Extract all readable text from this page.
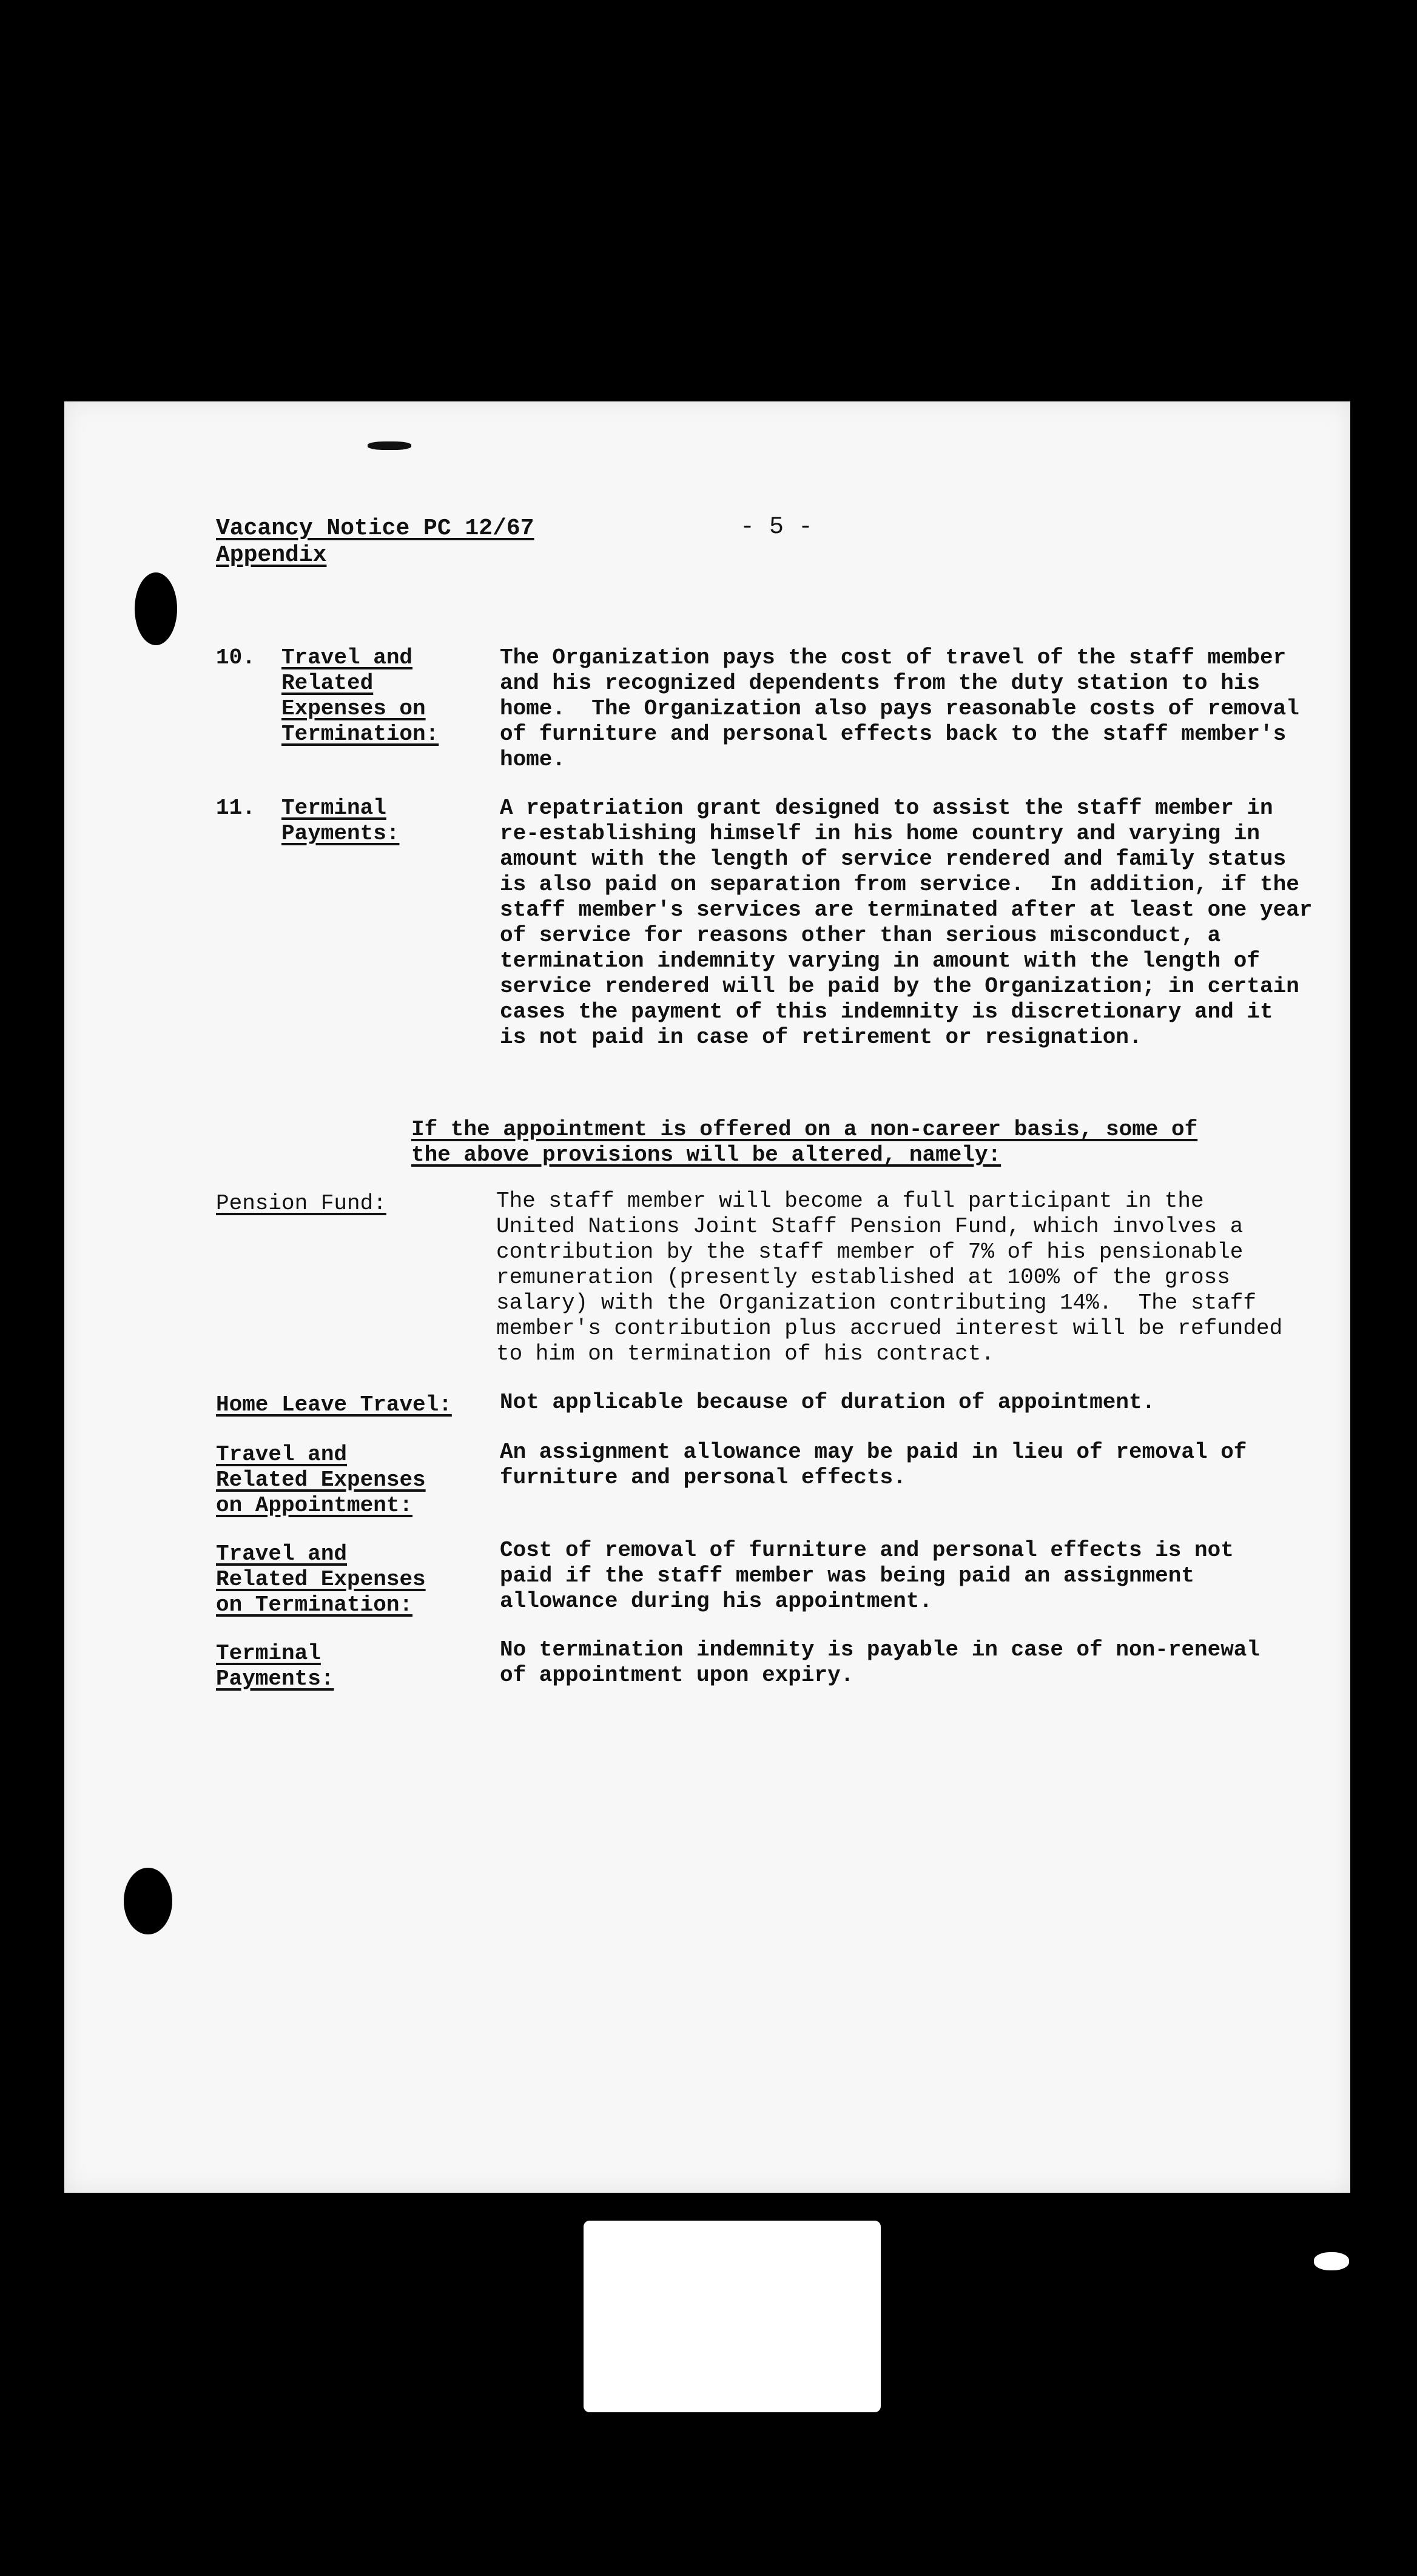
Vacancy Notice PC 12/67
Appendix
- 5 -
10. Travel and
Related
Expenses on
Termination:
The Organization pays the cost of travel of the staff member
and his recognized dependents from the duty station to his
home.  The Organization also pays reasonable costs of removal
of furniture and personal effects back to the staff member's
home.
11. Terminal
Payments:
A repatriation grant designed to assist the staff member in
re-establishing himself in his home country and varying in
amount with the length of service rendered and family status
is also paid on separation from service.  In addition, if the
staff member's services are terminated after at least one year
of service for reasons other than serious misconduct, a
termination indemnity varying in amount with the length of
service rendered will be paid by the Organization; in certain
cases the payment of this indemnity is discretionary and it
is not paid in case of retirement or resignation.
If the appointment is offered on a non-career basis, some of
the above provisions will be altered, namely:
Pension Fund:	The staff member will become a full participant in the
United Nations Joint Staff Pension Fund, which involves a
contribution by the staff member of 7% of his pensionable
remuneration (presently established at 100% of the gross
salary) with the Organization contributing 14%.  The staff
member's contribution plus accrued interest will be refunded
to him on termination of his contract.
Home Leave Travel: Not applicable because of duration of appointment.
Travel and
Related Expenses
on Appointment:
An assignment allowance may be paid in lieu of removal of
furniture and personal effects.
Travel and
Related Expenses
on Termination:
Cost of removal of furniture and personal effects is not
paid if the staff member was being paid an assignment
allowance during his appointment.
Terminal
Payments:
No termination indemnity is payable in case of non-renewal
of appointment upon expiry.
